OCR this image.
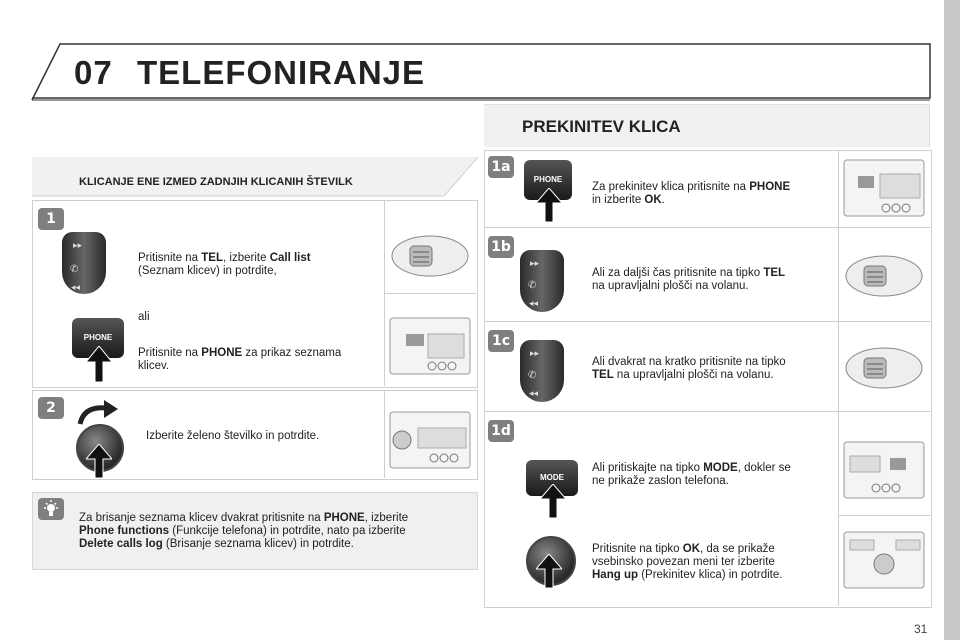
07 TELEFONIRANJE
KLICANJE ENE IZMED ZADNJIH KLICANIH ŠTEVILK
1
▸▸
✆
◂◂
Pritisnite na TEL, izberite Call list
(Seznam klicev) in potrdite,
ali
PHONE
Pritisnite na PHONE za prikaz seznama
klicev.
2
Izberite želeno številko in potrdite.
Za brisanje seznama klicev dvakrat pritisnite na PHONE, izberite
Phone functions (Funkcije telefona) in potrdite, nato pa izberite
Delete calls log (Brisanje seznama klicev) in potrdite.
PREKINITEV KLICA
1a
PHONE
Za prekinitev klica pritisnite na PHONE
in izberite OK.
1b
▸▸
✆
◂◂
Ali za daljši čas pritisnite na tipko TEL
na upravljalni plošči na volanu.
1c
▸▸
✆
◂◂
Ali dvakrat na kratko pritisnite na tipko
TEL na upravljalni plošči na volanu.
1d
MODE
Ali pritiskajte na tipko MODE, dokler se
ne prikaže zaslon telefona.
Pritisnite na tipko OK, da se prikaže
vsebinsko povezan meni ter izberite
Hang up (Prekinitev klica) in potrdite.
31
